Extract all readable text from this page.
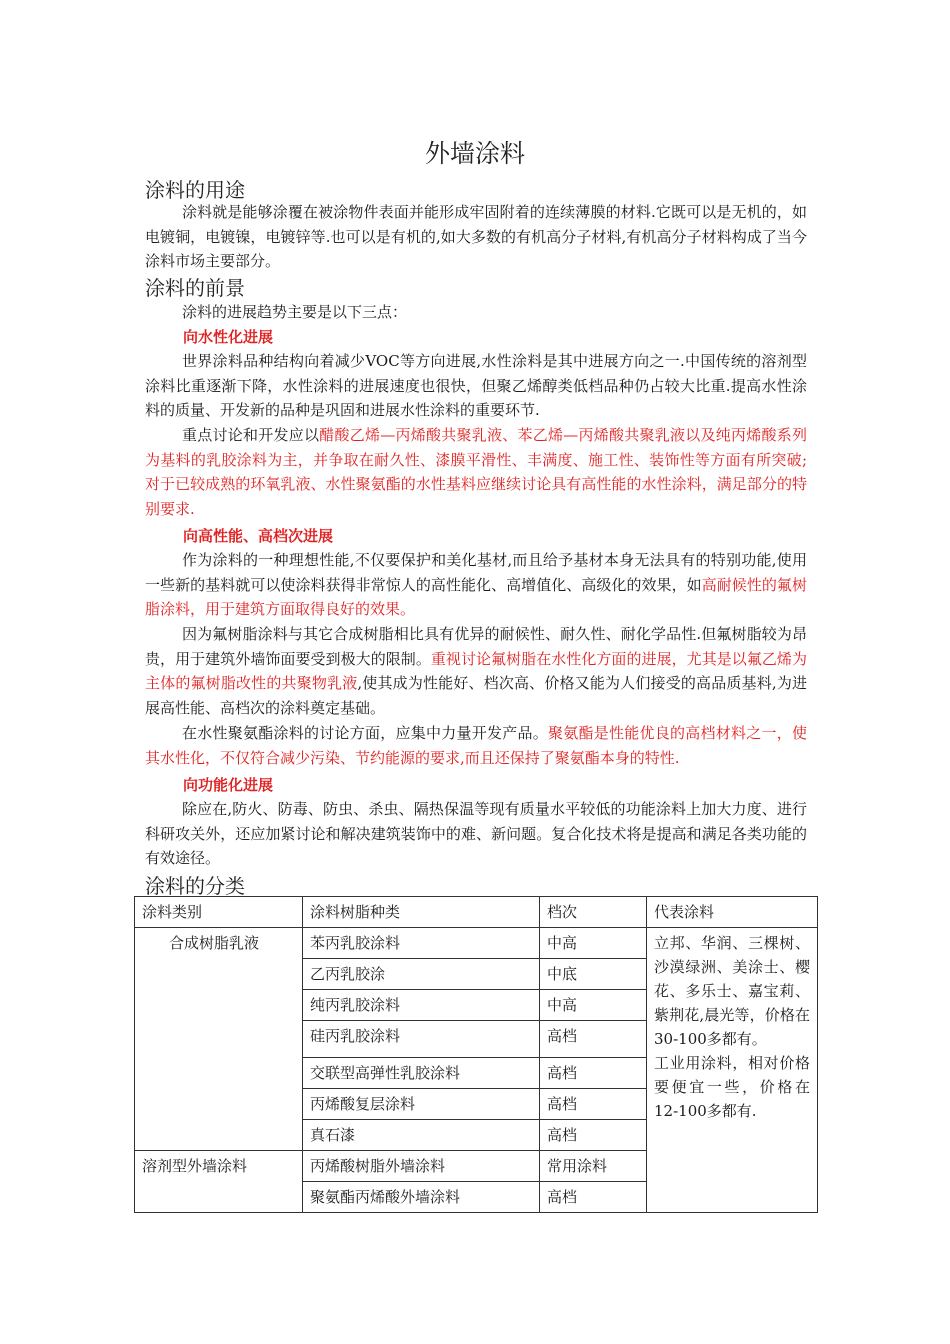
外墙涂料
涂料的用途
涂料就是能够涂覆在被涂物件表面并能形成牢固附着的连续薄膜的材料.它既可以是无机的，如电镀铜，电镀镍，电镀锌等.也可以是有机的,如大多数的有机高分子材料,有机高分子材料构成了当今涂料市场主要部分。
涂料的前景
涂料的进展趋势主要是以下三点：
向水性化进展
世界涂料品种结构向着减少VOC等方向进展,水性涂料是其中进展方向之一.中国传统的溶剂型涂料比重逐渐下降，水性涂料的进展速度也很快，但聚乙烯醇类低档品种仍占较大比重.提高水性涂料的质量、开发新的品种是巩固和进展水性涂料的重要环节.
重点讨论和开发应以醋酸乙烯—丙烯酸共聚乳液、苯乙烯—丙烯酸共聚乳液以及纯丙烯酸系列为基料的乳胶涂料为主，并争取在耐久性、漆膜平滑性、丰满度、施工性、装饰性等方面有所突破;对于已较成熟的环氧乳液、水性聚氨酯的水性基料应继续讨论具有高性能的水性涂料，满足部分的特别要求.
向高性能、高档次进展
作为涂料的一种理想性能,不仅要保护和美化基材,而且给予基材本身无法具有的特别功能,使用一些新的基料就可以使涂料获得非常惊人的高性能化、高增值化、高级化的效果，如高耐候性的氟树脂涂料，用于建筑方面取得良好的效果。
因为氟树脂涂料与其它合成树脂相比具有优异的耐候性、耐久性、耐化学品性.但氟树脂较为昂贵，用于建筑外墙饰面要受到极大的限制。重视讨论氟树脂在水性化方面的进展，尤其是以氟乙烯为主体的氟树脂改性的共聚物乳液,使其成为性能好、档次高、价格又能为人们接受的高品质基料,为进展高性能、高档次的涂料奠定基础。
在水性聚氨酯涂料的讨论方面，应集中力量开发产品。聚氨酯是性能优良的高档材料之一，使其水性化，不仅符合减少污染、节约能源的要求,而且还保持了聚氨酯本身的特性.
向功能化进展
除应在,防火、防毒、防虫、杀虫、隔热保温等现有质量水平较低的功能涂料上加大力度、进行科研攻关外，还应加紧讨论和解决建筑装饰中的难、新问题。复合化技术将是提高和满足各类功能的有效途径。
涂料的分类
涂料类别	涂料树脂种类	档次	代表涂料
合成树脂乳液	苯丙乳胶涂料	中高	立邦、华润、三棵树、沙漠绿洲、美涂士、樱花、多乐士、嘉宝莉、紫荆花,晨光等，价格在30-100多都有。
工业用涂料，相对价格要便宜一些，价格在12-100多都有.

	乙丙乳胶涂	中底	
	纯丙乳胶涂料	中高	
	硅丙乳胶涂料	高档	
	交联型高弹性乳胶涂料	高档	
	丙烯酸复层涂料	高档	
	真石漆	高档	
溶剂型外墙涂料	丙烯酸树脂外墙涂料	常用涂料	
	聚氨酯丙烯酸外墙涂料	高档	
